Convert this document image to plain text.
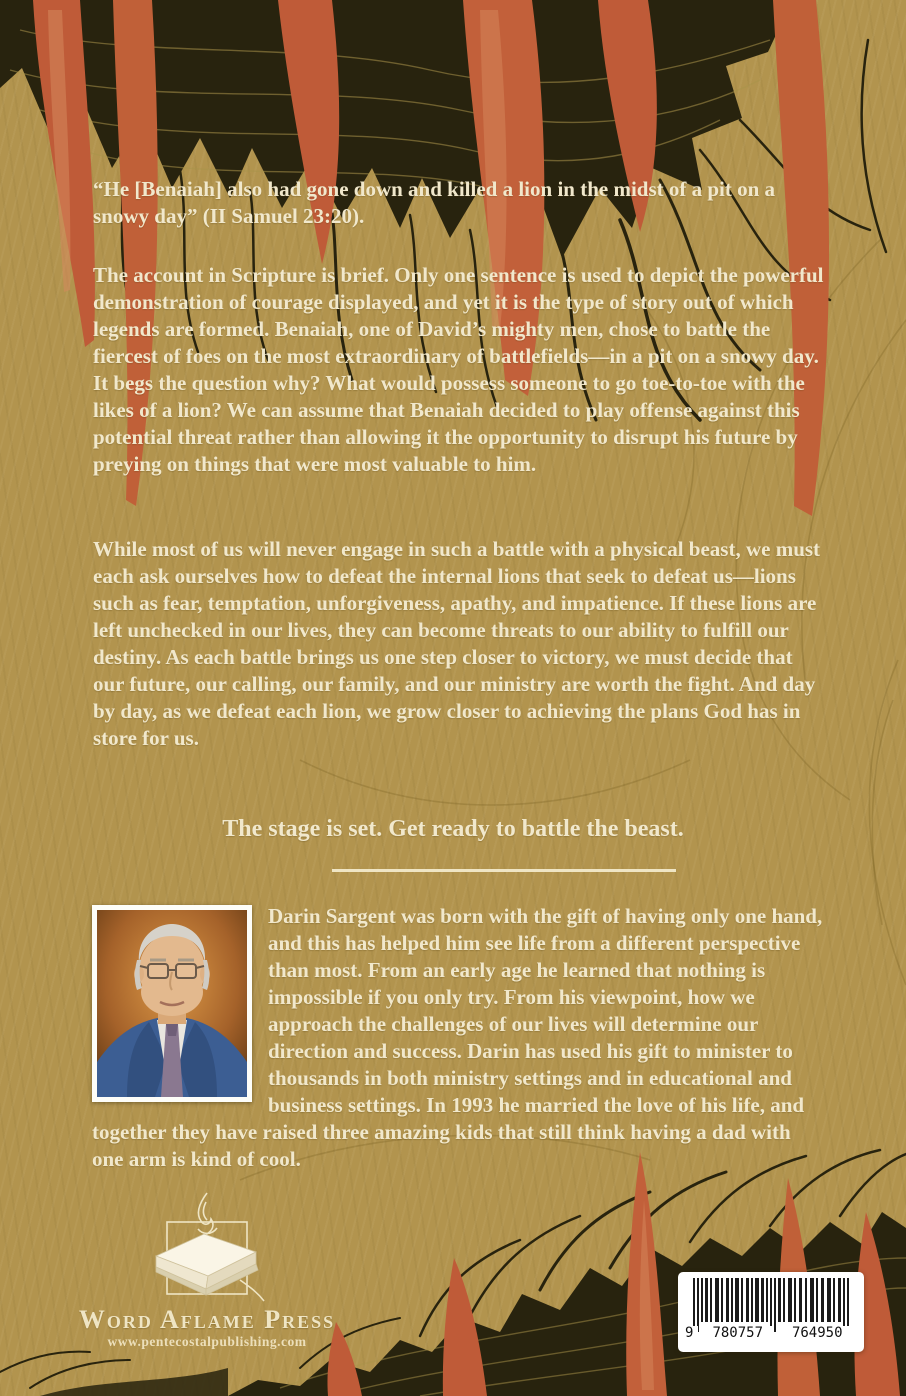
“He [Benaiah] also had gone down and killed a lion in the midst of a pit on a snowy day” (II Samuel 23:20).
The account in Scripture is brief. Only one sentence is used to depict the powerful demonstration of courage displayed, and yet it is the type of story out of which legends are formed. Benaiah, one of David’s mighty men, chose to battle the fiercest of foes on the most extraordinary of battlefields—in a pit on a snowy day. It begs the question why? What would possess someone to go toe-to-toe with the likes of a lion? We can assume that Benaiah decided to play offense against this potential threat rather than allowing it the opportunity to disrupt his future by preying on things that were most valuable to him.
While most of us will never engage in such a battle with a physical beast, we must each ask ourselves how to defeat the internal lions that seek to defeat us—lions such as fear, temptation, unforgiveness, apathy, and impatience. If these lions are left unchecked in our lives, they can become threats to our ability to fulfill our destiny. As each battle brings us one step closer to victory, we must decide that our future, our calling, our family, and our ministry are worth the fight. And day by day, as we defeat each lion, we grow closer to achieving the plans God has in store for us.
The stage is set. Get ready to battle the beast.
Darin Sargent was born with the gift of having only one hand, and this has helped him see life from a different perspective than most. From an early age he learned that nothing is impossible if you only try. From his viewpoint, how we approach the challenges of our lives will determine our direction and success. Darin has used his gift to minister to thousands in both ministry settings and in educational and business settings. In 1993 he married the love of his life, and together they have raised three amazing kids that still think having a dad with one arm is kind of cool.
Word Aflame Press
www.pentecostalpublishing.com
9	780757	764950
